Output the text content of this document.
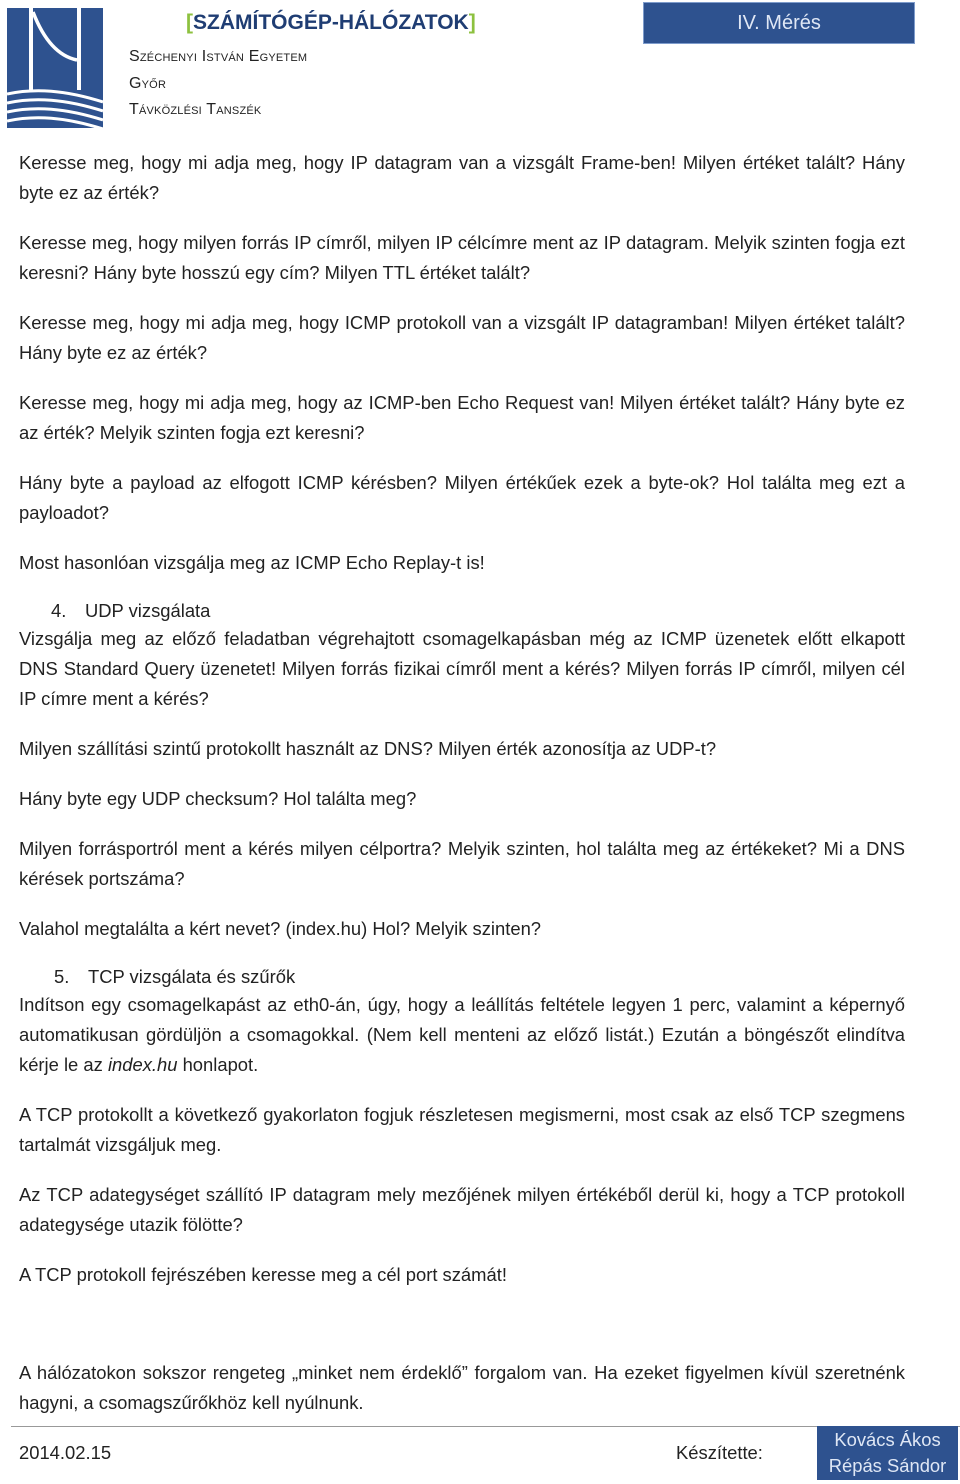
[SZÁMÍTÓGÉP-HÁLÓZATOK]
Széchenyi István Egyetem
Győr
Távközlési Tanszék
IV. Mérés

Keresse meg, hogy mi adja meg, hogy IP datagram van a vizsgált Frame-ben! Milyen értéket talált? Hány byte ez az érték?

Keresse meg, hogy milyen forrás IP címről, milyen IP célcímre ment az IP datagram. Melyik szinten fogja ezt keresni? Hány byte hosszú egy cím? Milyen TTL értéket talált?

Keresse meg, hogy mi adja meg, hogy ICMP protokoll van a vizsgált IP datagramban! Milyen értéket talált? Hány byte ez az érték?

Keresse meg, hogy mi adja meg, hogy az ICMP-ben Echo Request van! Milyen értéket talált? Hány byte ez az érték? Melyik szinten fogja ezt keresni?

Hány byte a payload az elfogott ICMP kérésben? Milyen értékűek ezek a byte-ok? Hol találta meg ezt a payloadot?

Most hasonlóan vizsgálja meg az ICMP Echo Replay-t is!

4. UDP vizsgálata

Vizsgálja meg az előző feladatban végrehajtott csomagelkapásban még az ICMP üzenetek előtt elkapott DNS Standard Query üzenetet! Milyen forrás fizikai címről ment a kérés? Milyen forrás IP címről, milyen cél IP címre ment a kérés?

Milyen szállítási szintű protokollt használt az DNS? Milyen érték azonosítja az UDP-t?

Hány byte egy UDP checksum? Hol találta meg?

Milyen forrásportról ment a kérés milyen célportra? Melyik szinten, hol találta meg az értékeket? Mi a DNS kérések portszáma?

Valahol megtalálta a kért nevet? (index.hu) Hol? Melyik szinten?

5. TCP vizsgálata és szűrők

Indítson egy csomagelkapást az eth0-án, úgy, hogy a leállítás feltétele legyen 1 perc, valamint a képernyő automatikusan gördüljön a csomagokkal. (Nem kell menteni az előző listát.) Ezután a böngészőt elindítva kérje le az index.hu honlapot.

A TCP protokollt a következő gyakorlaton fogjuk részletesen megismerni, most csak az első TCP szegmens tartalmát vizsgáljuk meg.

Az TCP adategységet szállító IP datagram mely mezőjének milyen értékéből derül ki, hogy a TCP protokoll adategysége utazik fölötte?

A TCP protokoll fejrészében keresse meg a cél port számát!

A hálózatokon sokszor rengeteg „minket nem érdeklő” forgalom van. Ha ezeket figyelmen kívül szeretnénk hagyni, a csomagszűrőkhöz kell nyúlnunk.

2014.02.15	Készítette:
Kovács Ákos
Répás Sándor
